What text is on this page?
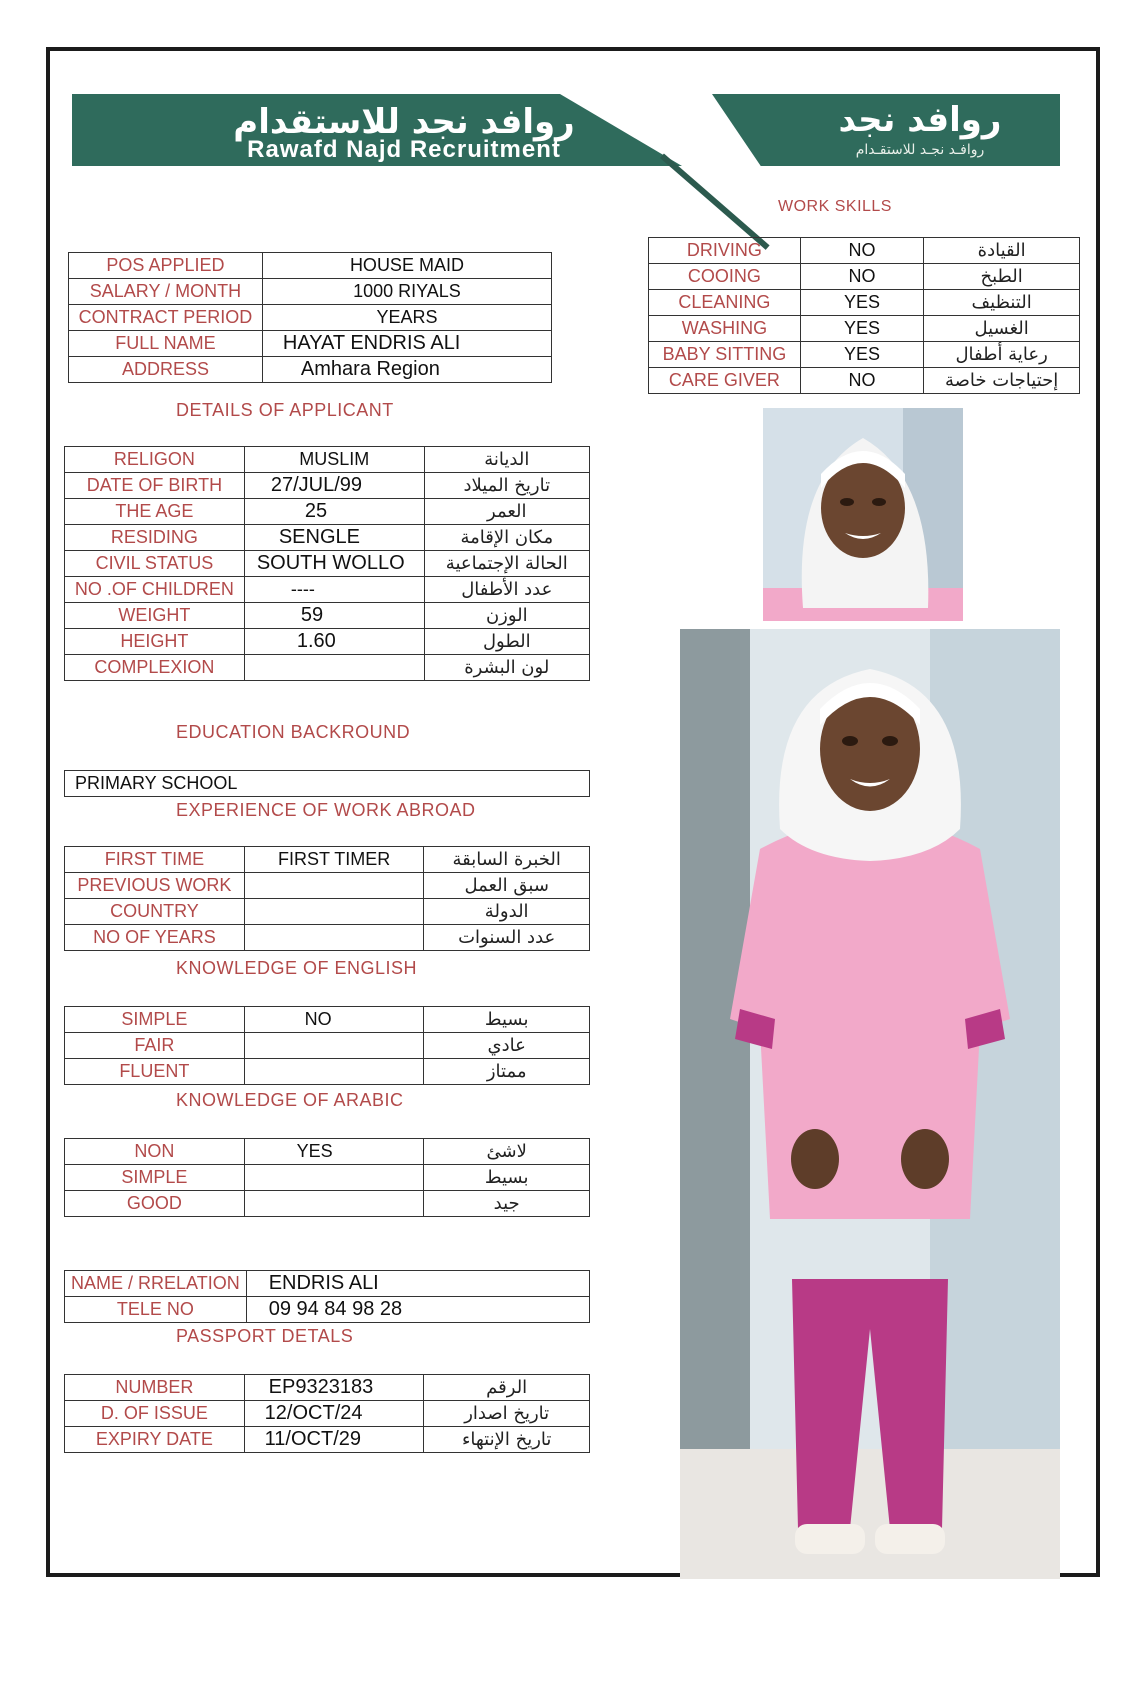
روافد نجد للاستقدام
Rawafd Najd Recruitment
روافد نجد
روافـد نجـد للاستقـدام
WORK SKILLS
DRIVING	NO	القيادة
COOING	NO	الطبخ
CLEANING	YES	التنظيف
WASHING	YES	الغسيل
BABY SITTING	YES	رعاية أطفال
CARE GIVER	NO	إحتياجات خاصة
POS APPLIED	HOUSE MAID
SALARY / MONTH	1000 RIYALS
CONTRACT PERIOD	YEARS
FULL NAME	HAYAT ENDRIS ALI
ADDRESS	Amhara Region
DETAILS OF APPLICANT
RELIGON	MUSLIM	الديانة
DATE OF BIRTH	27/JUL/99	تاريخ الميلاد
THE AGE	25	العمر
RESIDING	SENGLE	مكان الإقامة
CIVIL STATUS	SOUTH WOLLO	الحالة الإجتماعية
NO .OF CHILDREN	----	عدد الأطفال
WEIGHT	59	الوزن
HEIGHT	1.60	الطول
COMPLEXION		لون البشرة
EDUCATION BACKROUND
PRIMARY SCHOOL
EXPERIENCE OF WORK ABROAD
FIRST TIME	FIRST TIMER	الخبرة السابقة
PREVIOUS WORK		سبق العمل
COUNTRY		الدولة
NO OF YEARS		عدد السنوات
KNOWLEDGE OF ENGLISH
SIMPLE	NO	بسيط
FAIR		عادي
FLUENT		ممتاز
KNOWLEDGE OF ARABIC
NON	YES	لاشئ
SIMPLE		بسيط
GOOD		جيد
NAME / RRELATION	ENDRIS ALI
TELE NO	09 94 84 98 28
PASSPORT DETALS
NUMBER	EP9323183	الرقم
D. OF ISSUE	12/OCT/24	تاريخ اصدار
EXPIRY DATE	11/OCT/29	تاريخ الإنتهاء
